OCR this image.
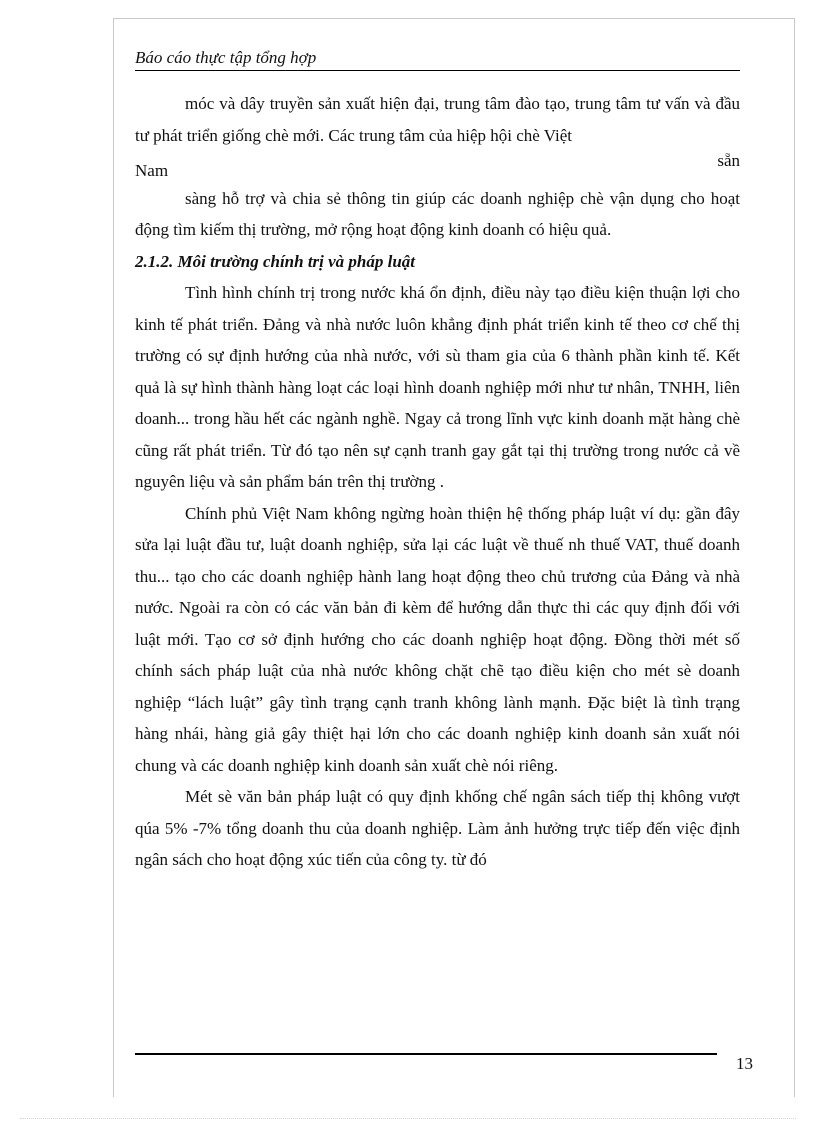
Báo cáo thực tập tổng hợp

móc và dây truyền sản xuất hiện đại, trung tâm đào tạo, trung tâm tư vấn và đầu tư phát triển giống chè mới. Các trung tâm của hiệp hội chè Việt

Nam
sẵn

sàng hỗ trợ và chia sẻ thông tin giúp các doanh nghiệp chè vận dụng cho hoạt động tìm kiếm thị trường, mở rộng hoạt động kinh doanh có hiệu quả.

2.1.2. Môi trường chính trị và pháp luật

Tình hình chính trị trong nước khá ổn định, điều này tạo điều kiện thuận lợi cho kinh tế phát triển. Đảng và nhà nước luôn khẳng định phát triển kinh tế theo cơ chế thị trường có sự định hướng của nhà nước, với sù tham gia của 6 thành phần kinh tế. Kết quả là sự hình thành hàng loạt các loại hình doanh nghiệp mới như tư nhân, TNHH, liên doanh... trong hầu hết các ngành nghề. Ngay cả trong lĩnh vực kinh doanh mặt hàng chè cũng rất phát triển. Từ đó tạo nên sự cạnh tranh gay gắt tại thị trường trong nước cả về nguyên liệu và sản phẩm bán trên thị trường .

Chính phủ Việt Nam không ngừng hoàn thiện hệ thống pháp luật ví dụ: gần đây sửa lại luật đầu tư, luật doanh nghiệp, sửa lại các luật về thuế nh thuế VAT, thuế doanh thu... tạo cho các doanh nghiệp hành lang hoạt động theo chủ trương của Đảng và nhà nước. Ngoài ra còn có các văn bản đi kèm để hướng dẫn thực thi các quy định đối với luật mới. Tạo cơ sở định hướng cho các doanh nghiệp hoạt động. Đồng thời mét số chính sách pháp luật của nhà nước không chặt chẽ tạo điều kiện cho mét sè doanh nghiệp “lách luật” gây tình trạng cạnh tranh không lành mạnh. Đặc biệt là tình trạng hàng nhái, hàng giả gây thiệt hại lớn cho các doanh nghiệp kinh doanh sản xuất nói chung và các doanh nghiệp kinh doanh sản xuất chè nói riêng.

Mét sè văn bản pháp luật có quy định khống chế ngân sách tiếp thị không vượt qúa 5% -7% tổng doanh thu của doanh nghiệp. Làm ảnh hưởng trực tiếp đến việc định ngân sách cho hoạt động xúc tiến của công ty. từ đó

13
